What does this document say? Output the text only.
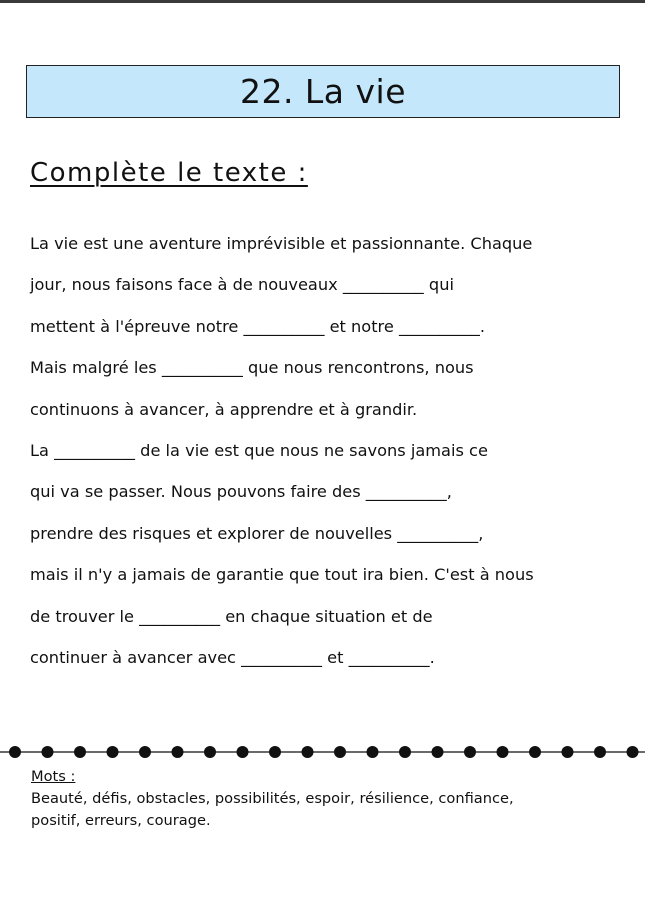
22. La vie
Complète le texte :
La vie est une aventure imprévisible et passionnante. Chaque
jour, nous faisons face à de nouveaux __________ qui
mettent à l'épreuve notre __________ et notre __________.
Mais malgré les __________ que nous rencontrons, nous
continuons à avancer, à apprendre et à grandir.
La __________ de la vie est que nous ne savons jamais ce
qui va se passer. Nous pouvons faire des __________,
prendre des risques et explorer de nouvelles __________,
mais il n'y a jamais de garantie que tout ira bien. C'est à nous
de trouver le __________ en chaque situation et de
continuer à avancer avec __________ et __________.
Mots :
Beauté, défis, obstacles, possibilités, espoir, résilience, confiance,
positif, erreurs, courage.
